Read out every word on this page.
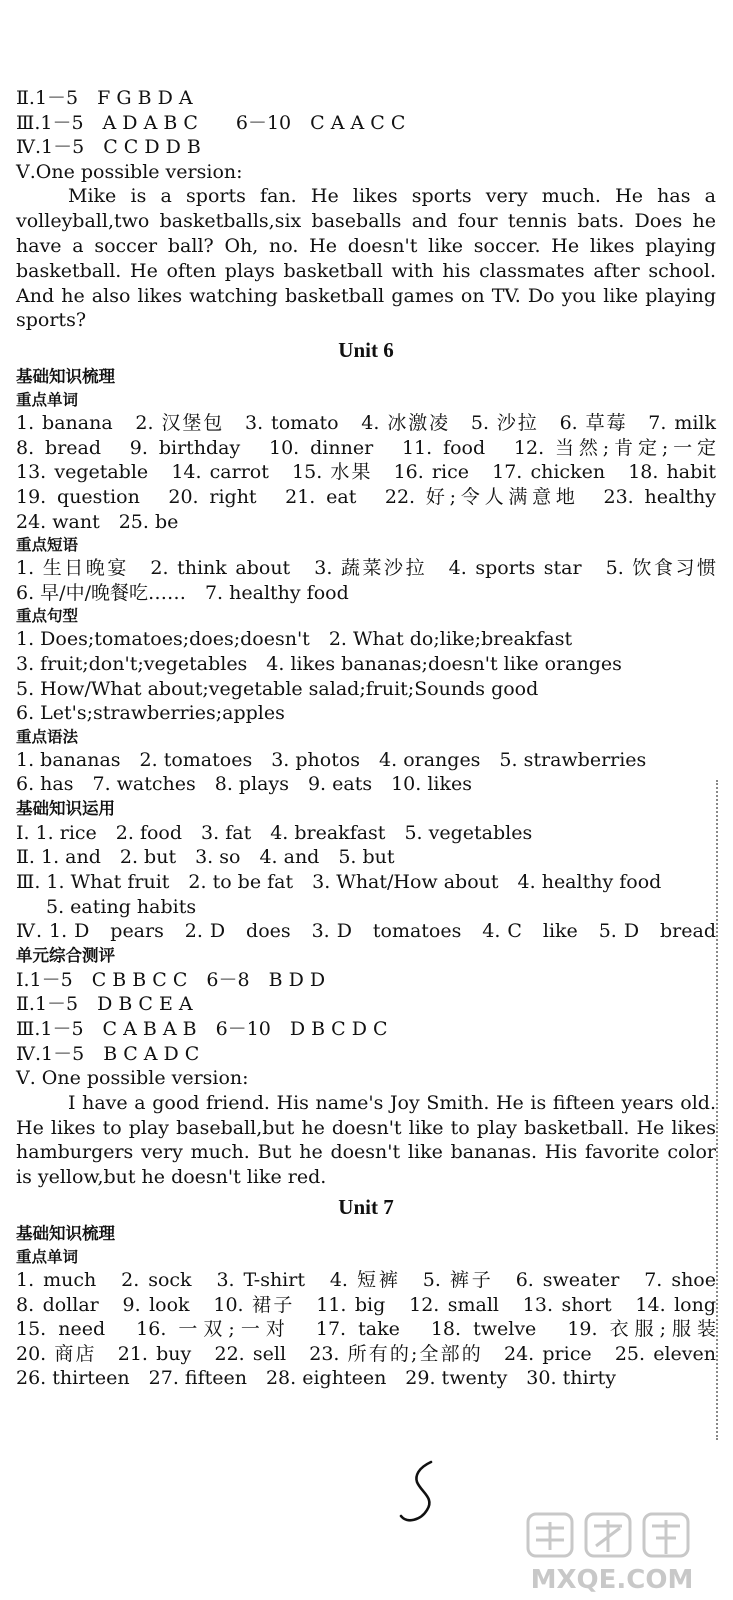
Ⅱ.1－5　F G B D A
Ⅲ.1－5　A D A B C　　6－10　C A A C C
Ⅳ.1－5　C C D D B
Ⅴ.One possible version:

Mike is a sports fan. He likes sports very much. He has a volleyball,two basketballs,six baseballs and four tennis bats. Does he have a soccer ball? Oh, no. He doesn't like soccer. He likes playing basketball. He often plays basketball with his classmates after school. And he also likes watching basketball games on TV. Do you like playing sports?

Unit 6
基础知识梳理
重点单词
1. banana　2. 汉堡包　3. tomato　4. 冰激凌　5. 沙拉　6. 草莓　7. milk
8. bread　9. birthday　10. dinner　11. food　12. 当然;肯定;一定
13. vegetable　14. carrot　15. 水果　16. rice　17. chicken　18. habit
19. question　20. right　21. eat　22. 好;令人满意地　23. healthy
24. want　25. be
重点短语
1. 生日晚宴　2. think about　3. 蔬菜沙拉　4. sports star　5. 饮食习惯
6. 早/中/晚餐吃……　7. healthy food
重点句型
1. Does;tomatoes;does;doesn't　2. What do;like;breakfast
3. fruit;don't;vegetables　4. likes bananas;doesn't like oranges
5. How/What about;vegetable salad;fruit;Sounds good
6. Let's;strawberries;apples
重点语法
1. bananas　2. tomatoes　3. photos　4. oranges　5. strawberries
6. has　7. watches　8. plays　9. eats　10. likes
基础知识运用
Ⅰ. 1. rice　2. food　3. fat　4. breakfast　5. vegetables
Ⅱ. 1. and　2. but　3. so　4. and　5. but
Ⅲ. 1. What fruit　2. to be fat　3. What/How about　4. healthy food
5. eating habits
Ⅳ. 1. D　pears　2. D　does　3. D　tomatoes　4. C　like　5. D　bread
单元综合测评
Ⅰ.1－5　C B B C C　6－8　B D D
Ⅱ.1－5　D B C E A
Ⅲ.1－5　C A B A B　6－10　D B C D C
Ⅳ.1－5　B C A D C
Ⅴ. One possible version:

I have a good friend. His name's Joy Smith. He is fifteen years old. He likes to play baseball,but he doesn't like to play basketball. He likes hamburgers very much. But he doesn't like bananas. His favorite color is yellow,but he doesn't like red.

Unit 7
基础知识梳理
重点单词
1. much　2. sock　3. T-shirt　4. 短裤　5. 裤子　6. sweater　7. shoe
8. dollar　9. look　10. 裙子　11. big　12. small　13. short　14. long
15. need　16. 一双;一对　17. take　18. twelve　19. 衣服;服装
20. 商店　21. buy　22. sell　23. 所有的;全部的　24. price　25. eleven
26. thirteen　27. fifteen　28. eighteen　29. twenty　30. thirty
MXQE.COM
